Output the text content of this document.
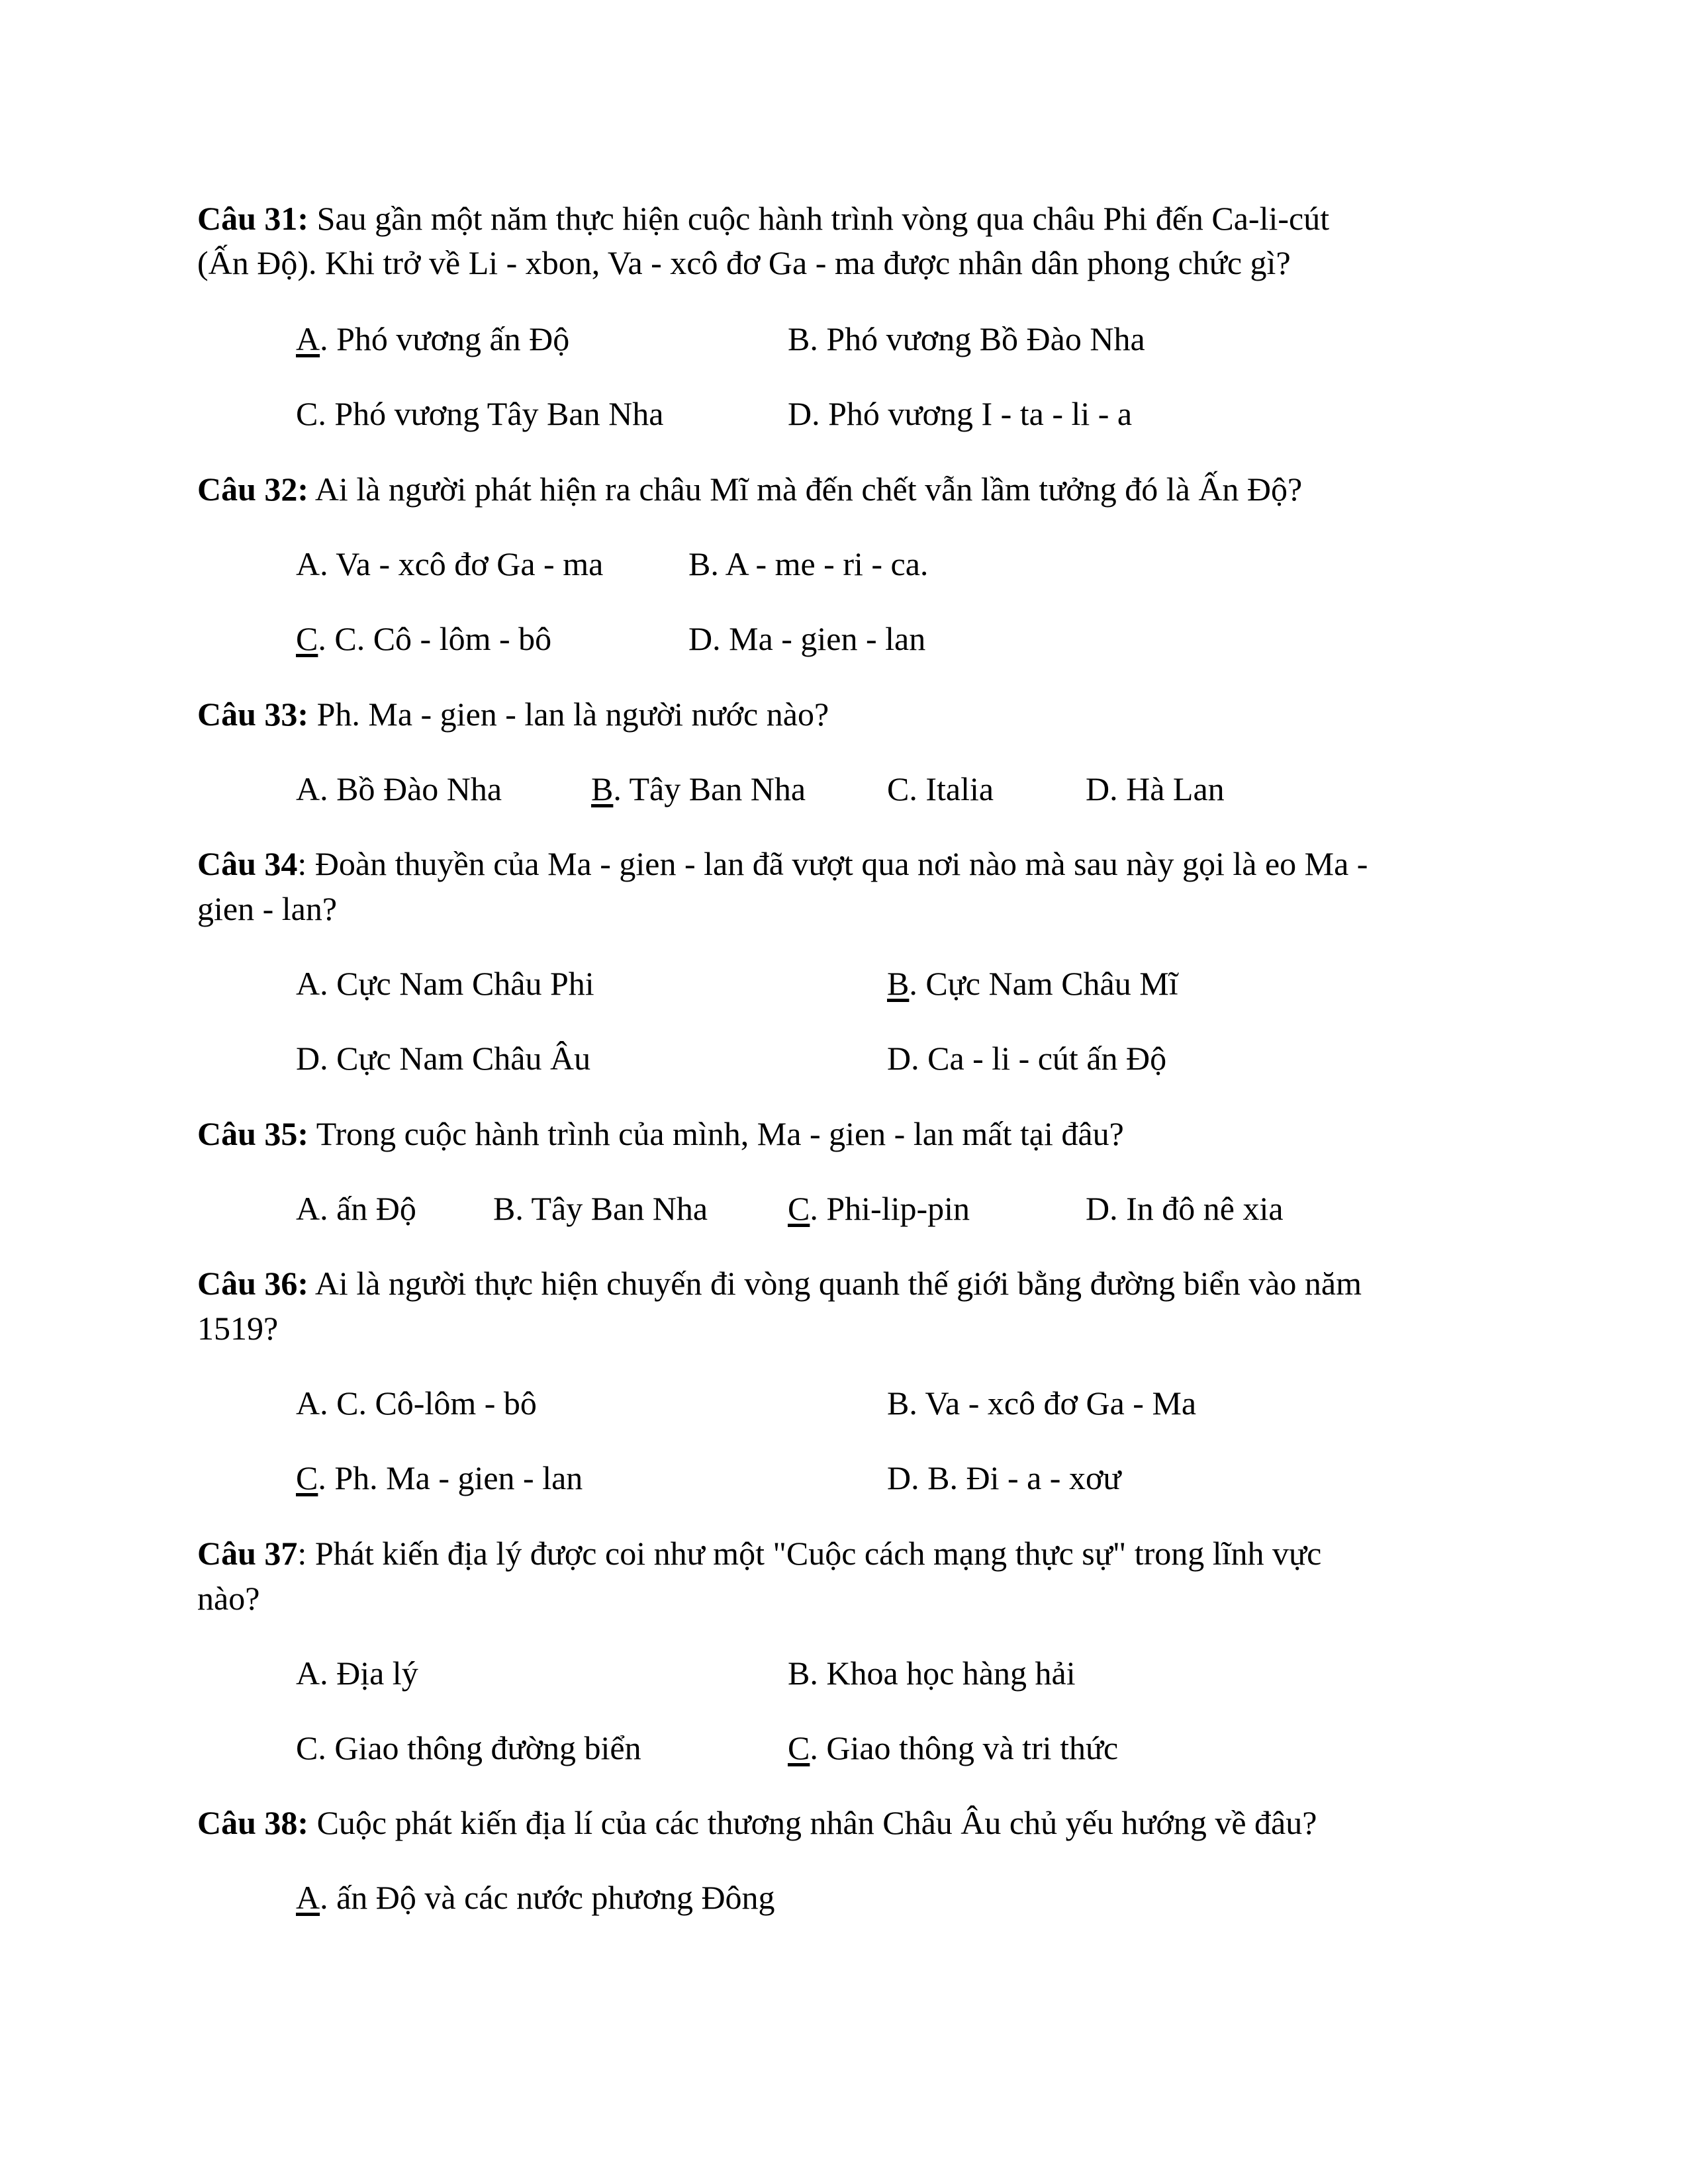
Câu 31: Sau gần một năm thực hiện cuộc hành trình vòng qua châu Phi đến Ca-li-cút
(Ấn Độ). Khi trở về Li - xbon, Va - xcô đơ Ga - ma được nhân dân phong chức gì?
A. Phó vương ấn Độ	B. Phó vương Bồ Đào Nha
C. Phó vương Tây Ban Nha	D. Phó vương I - ta - li - a
Câu 32: Ai là người phát hiện ra châu Mĩ mà đến chết vẫn lầm tưởng đó là Ấn Độ?
A. Va - xcô đơ Ga - ma	B. A - me - ri - ca.
C. C. Cô - lôm - bô	D. Ma - gien - lan
Câu 33: Ph. Ma - gien - lan là người nước nào?
A. Bồ Đào Nha	B. Tây Ban Nha C. Italia	D. Hà Lan
Câu 34: Đoàn thuyền của Ma - gien - lan đã vượt qua nơi nào mà sau này gọi là eo Ma -
gien - lan?
A. Cực Nam Châu Phi	B. Cực Nam Châu Mĩ
D. Cực Nam Châu Âu	D. Ca - li - cút ấn Độ
Câu 35: Trong cuộc hành trình của mình, Ma - gien - lan mất tại đâu?
A. ấn Độ B. Tây Ban Nha C. Phi-lip-pin	D. In đô nê xia
Câu 36: Ai là người thực hiện chuyến đi vòng quanh thế giới bằng đường biển vào năm
1519?
A. C. Cô-lôm - bô	B. Va - xcô đơ Ga - Ma
C. Ph. Ma - gien - lan	D. B. Đi - a - xơư
Câu 37: Phát kiến địa lý được coi như một "Cuộc cách mạng thực sự" trong lĩnh vực
nào?
A. Địa lý	B. Khoa học hàng hải
C. Giao thông đường biển	C. Giao thông và tri thức
Câu 38: Cuộc phát kiến địa lí của các thương nhân Châu Âu chủ yếu hướng về đâu?
A. ấn Độ và các nước phương Đông
